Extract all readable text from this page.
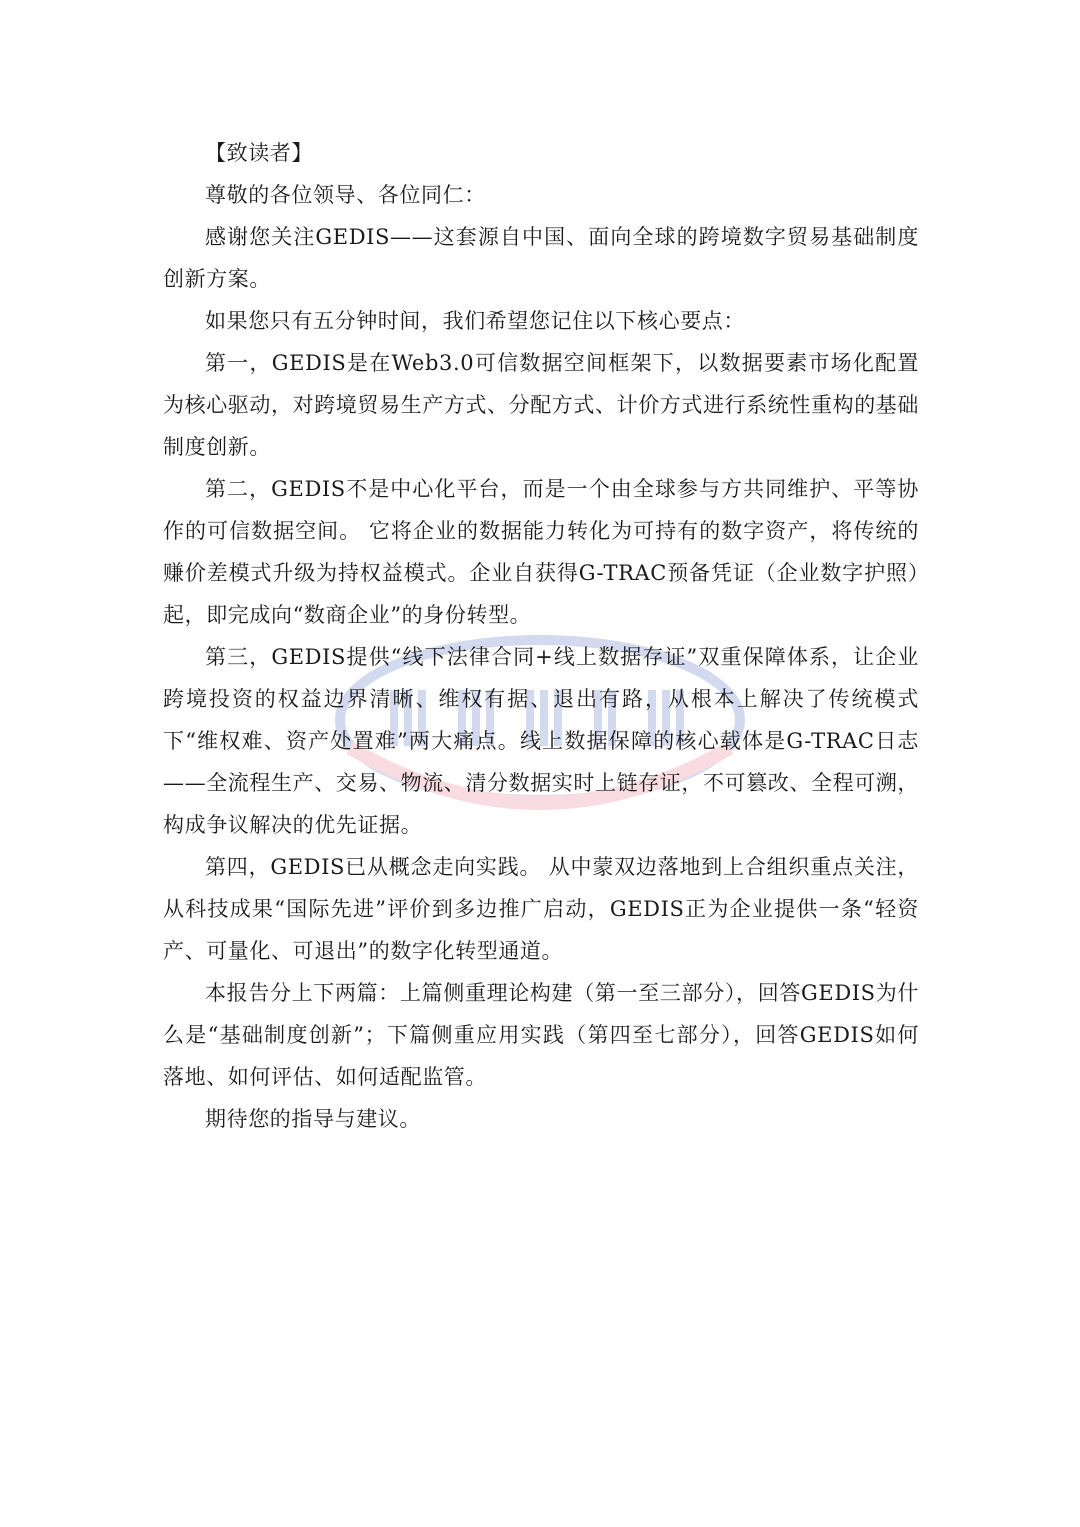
【致读者】

尊敬的各位领导、各位同仁：

感谢您关注GEDIS——这套源自中国、面向全球的跨境数字贸易基础制度创新方案。

如果您只有五分钟时间，我们希望您记住以下核心要点：

第一，GEDIS是在Web3.0可信数据空间框架下，以数据要素市场化配置为核心驱动，对跨境贸易生产方式、分配方式、计价方式进行系统性重构的基础制度创新。

第二，GEDIS不是中心化平台，而是一个由全球参与方共同维护、平等协作的可信数据空间。 它将企业的数据能力转化为可持有的数字资产，将传统的赚价差模式升级为持权益模式。企业自获得G-TRAC预备凭证（企业数字护照）起，即完成向“数商企业”的身份转型。

第三，GEDIS提供“线下法律合同+线上数据存证”双重保障体系，让企业跨境投资的权益边界清晰、维权有据、退出有路，从根本上解决了传统模式下“维权难、资产处置难”两大痛点。线上数据保障的核心载体是G-TRAC日志——全流程生产、交易、物流、清分数据实时上链存证，不可篡改、全程可溯，构成争议解决的优先证据。

第四，GEDIS已从概念走向实践。 从中蒙双边落地到上合组织重点关注，从科技成果“国际先进”评价到多边推广启动，GEDIS正为企业提供一条“轻资产、可量化、可退出”的数字化转型通道。

本报告分上下两篇：上篇侧重理论构建（第一至三部分），回答GEDIS为什么是“基础制度创新”；下篇侧重应用实践（第四至七部分），回答GEDIS如何落地、如何评估、如何适配监管。

期待您的指导与建议。
